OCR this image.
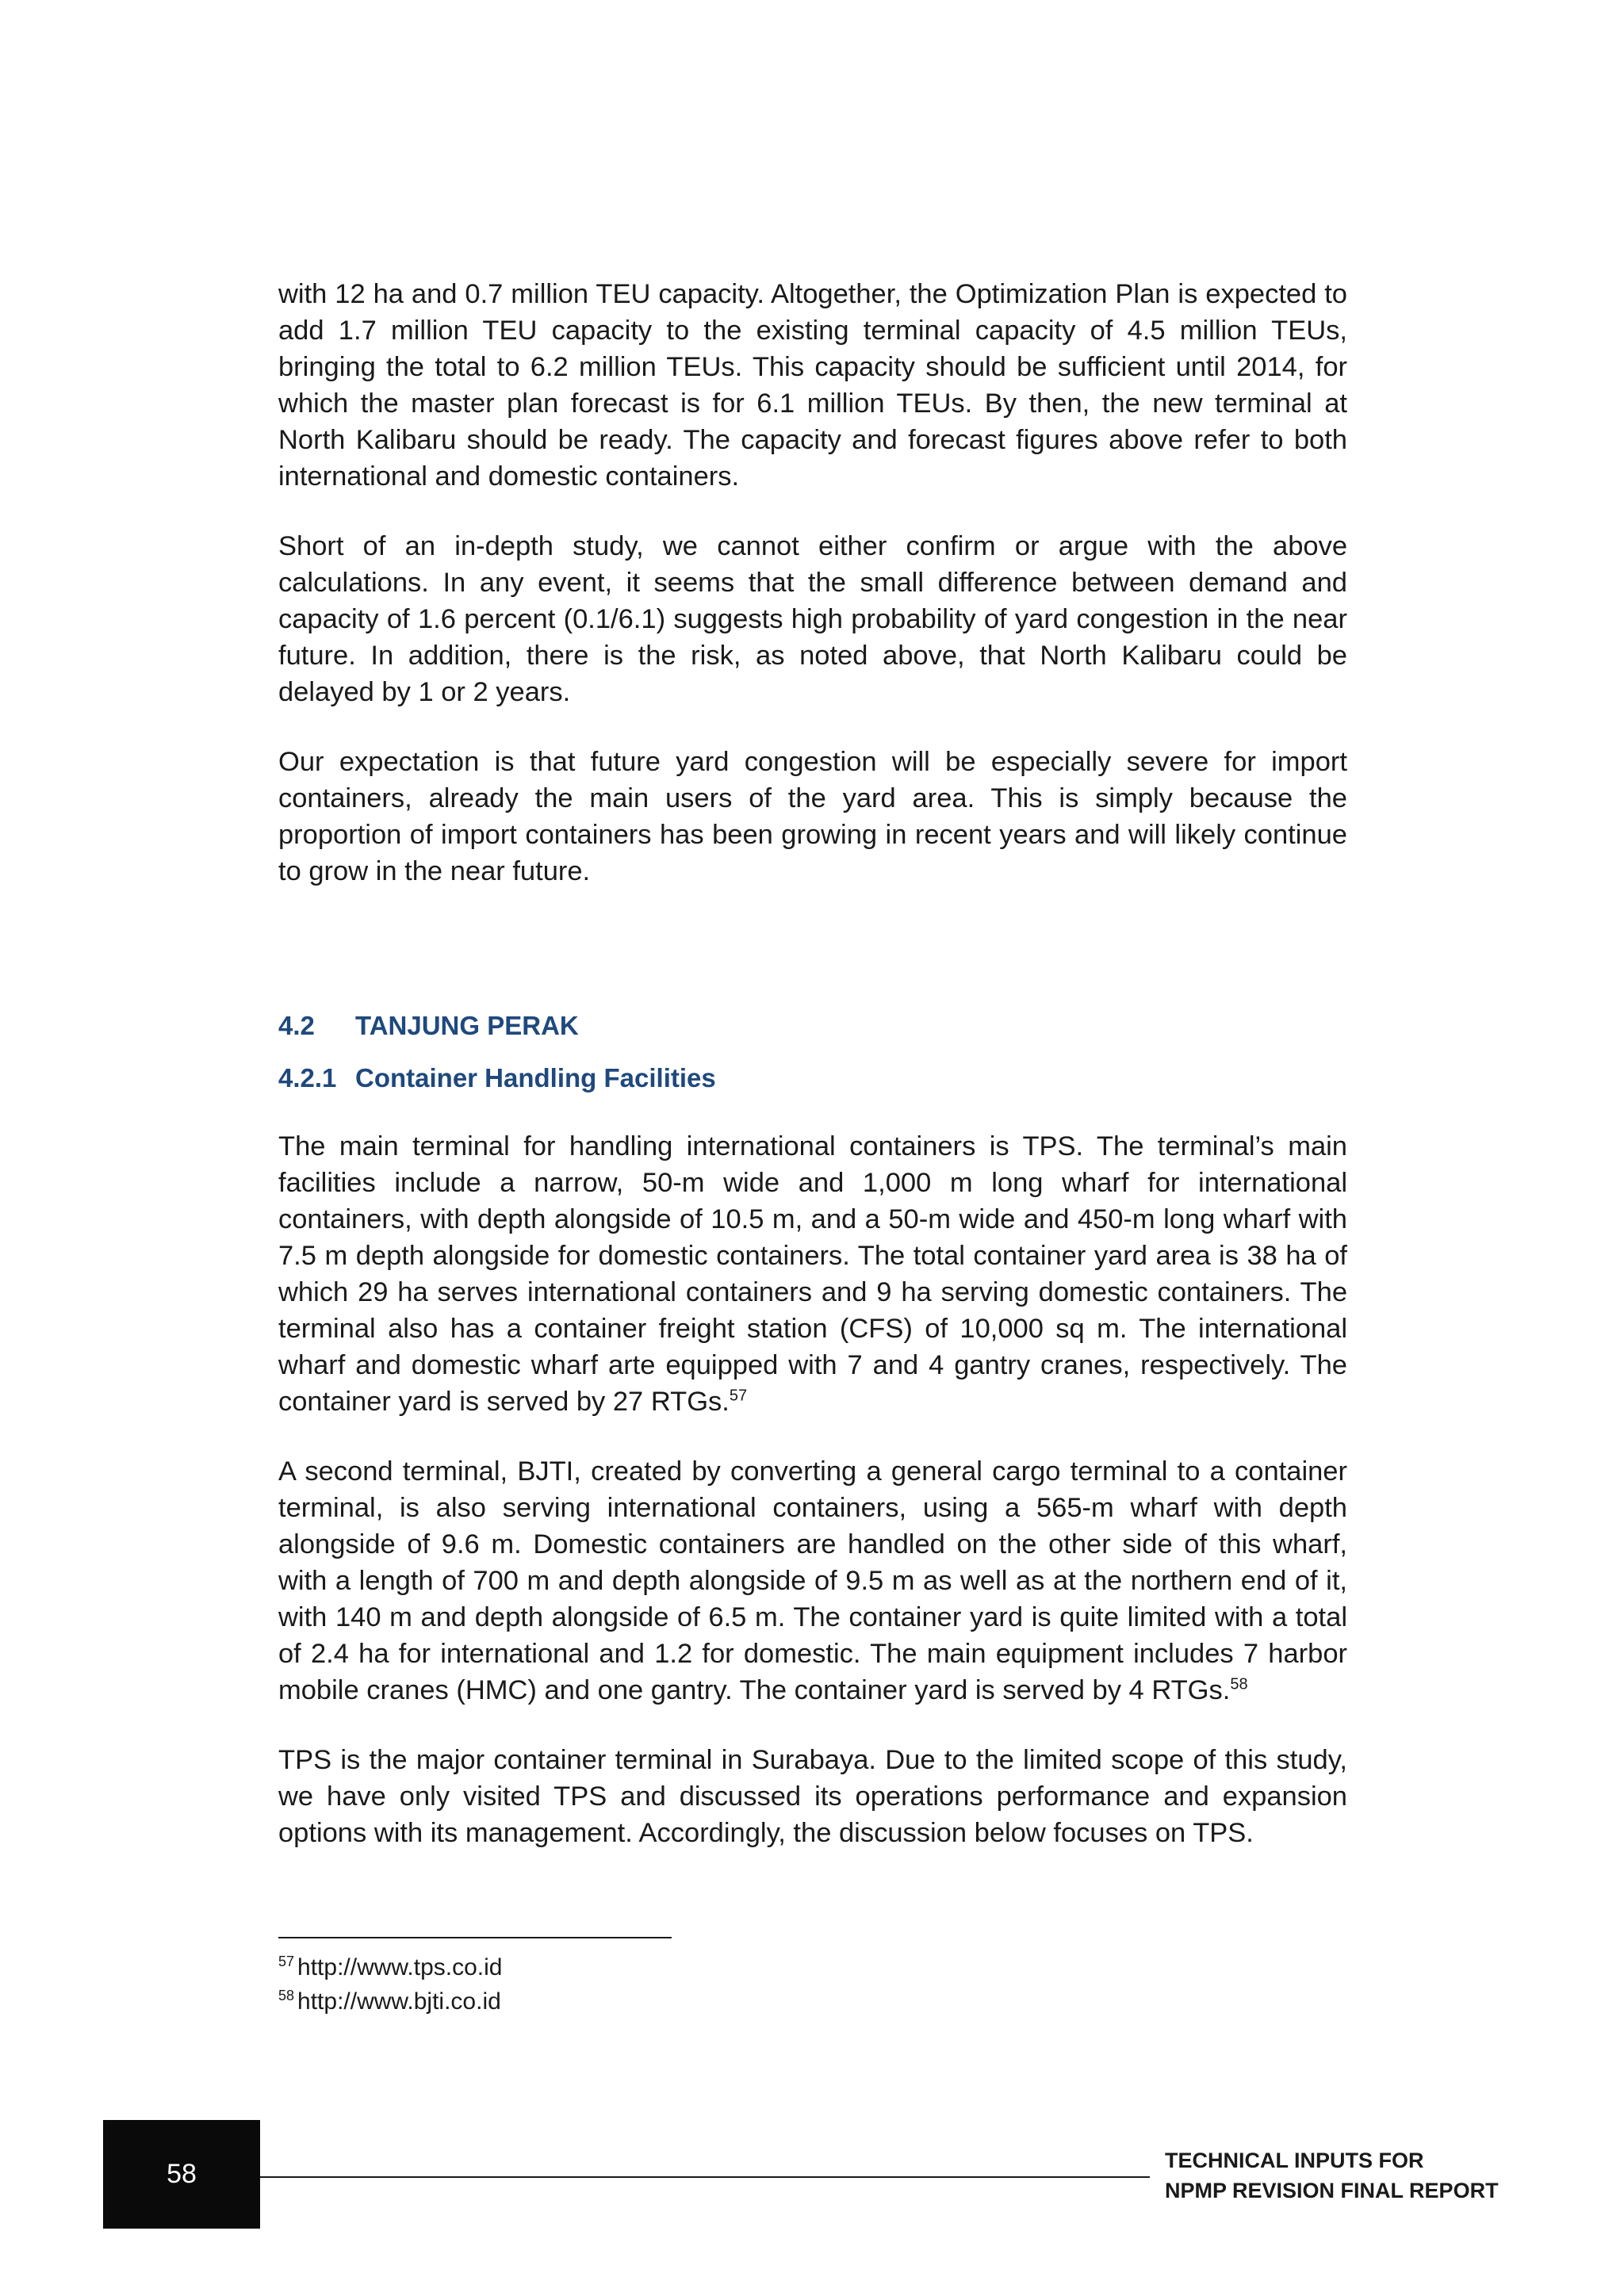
with 12 ha and 0.7 million TEU capacity. Altogether, the Optimization Plan is expected to add 1.7 million TEU capacity to the existing terminal capacity of 4.5 million TEUs, bringing the total to 6.2 million TEUs. This capacity should be sufficient until 2014, for which the master plan forecast is for 6.1 million TEUs. By then, the new terminal at North Kalibaru should be ready. The capacity and forecast figures above refer to both international and domestic containers.

Short of an in-depth study, we cannot either confirm or argue with the above calculations. In any event, it seems that the small difference between demand and capacity of 1.6 percent (0.1/6.1) suggests high probability of yard congestion in the near future. In addition, there is the risk, as noted above, that North Kalibaru could be delayed by 1 or 2 years.

Our expectation is that future yard congestion will be especially severe for import containers, already the main users of the yard area. This is simply because the proportion of import containers has been growing in recent years and will likely continue to grow in the near future.

4.2	TANJUNG PERAK
4.2.1 Container Handling Facilities

The main terminal for handling international containers is TPS. The terminal’s main facilities include a narrow, 50-m wide and 1,000 m long wharf for international containers, with depth alongside of 10.5 m, and a 50-m wide and 450-m long wharf with 7.5 m depth alongside for domestic containers. The total container yard area is 38 ha of which 29 ha serves international containers and 9 ha serving domestic containers. The terminal also has a container freight station (CFS) of 10,000 sq m. The international wharf and domestic wharf arte equipped with 7 and 4 gantry cranes, respectively. The container yard is served by 27 RTGs.$^{57}$

A second terminal, BJTI, created by converting a general cargo terminal to a container terminal, is also serving international containers, using a 565-m wharf with depth alongside of 9.6 m. Domestic containers are handled on the other side of this wharf, with a length of 700 m and depth alongside of 9.5 m as well as at the northern end of it, with 140 m and depth alongside of 6.5 m. The container yard is quite limited with a total of 2.4 ha for international and 1.2 for domestic. The main equipment includes 7 harbor mobile cranes (HMC) and one gantry. The container yard is served by 4 RTGs.$^{58}$

TPS is the major container terminal in Surabaya. Due to the limited scope of this study, we have only visited TPS and discussed its operations performance and expansion options with its management. Accordingly, the discussion below focuses on TPS.

$^{57}$ http://www.tps.co.id

$^{58}$ http://www.bjti.co.id

58	TECHNICAL INPUTS FOR
NPMP REVISION FINAL REPORT
